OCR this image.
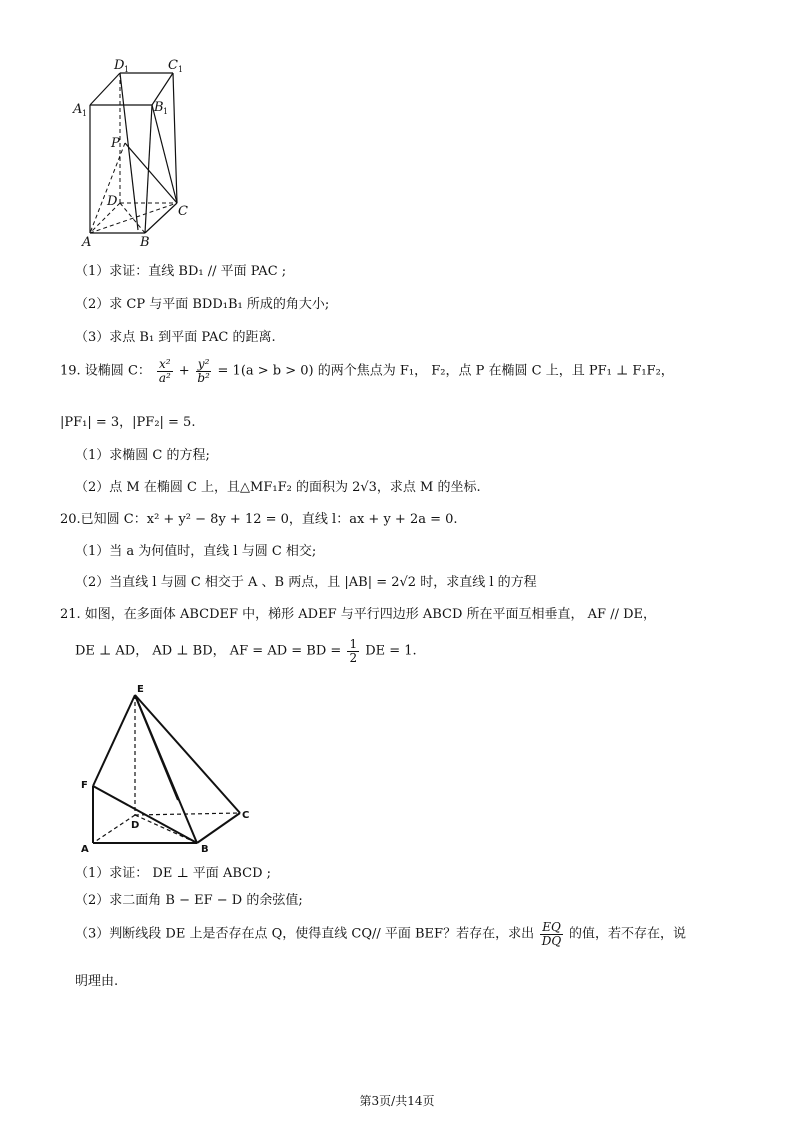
D 1	C 1
A 1	B 1
P
D
C
A	B
（1）求证：直线 BD₁ // 平面 PAC ;
（2）求 CP 与平面 BDD₁B₁ 所成的角大小;
（3）求点 B₁ 到平面 PAC 的距离.
19. 设椭圆 C： $\frac{\text{x²}}{\text{a²}} + \frac{\text{y²}}{\text{b²}} = 1(a > b > 0)$ 的两个焦点为 F₁， F₂，点 P 在椭圆 C 上，且 PF₁ ⊥ F₁F₂，
|PF₁| = 3，|PF₂| = 5.
（1）求椭圆 C 的方程;
（2）点 M 在椭圆 C 上，且△MF₁F₂ 的面积为 2√3，求点 M 的坐标.
20.已知圆 C：x² + y² − 8y + 12 = 0，直线 l：ax + y + 2a = 0.
（1）当 a 为何值时，直线 l 与圆 C 相交;
（2）当直线 l 与圆 C 相交于 A 、B 两点，且 |AB| = 2√2 时，求直线 l 的方程
21. 如图，在多面体 ABCDEF 中，梯形 ADEF 与平行四边形 ABCD 所在平面互相垂直， AF // DE，
DE ⊥ AD， AD ⊥ BD， AF = AD = BD = $\frac{1}{2}$ DE = 1.
E
F
D
C
A	B
（1）求证： DE ⊥ 平面 ABCD ;
（2）求二面角 B − EF − D 的余弦值;
（3）判断线段 DE 上是否存在点 Q，使得直线 CQ// 平面 BEF？若存在，求出 $\frac{EQ}{DQ}$ 的值，若不存在，说
明理由.
第3页/共14页
